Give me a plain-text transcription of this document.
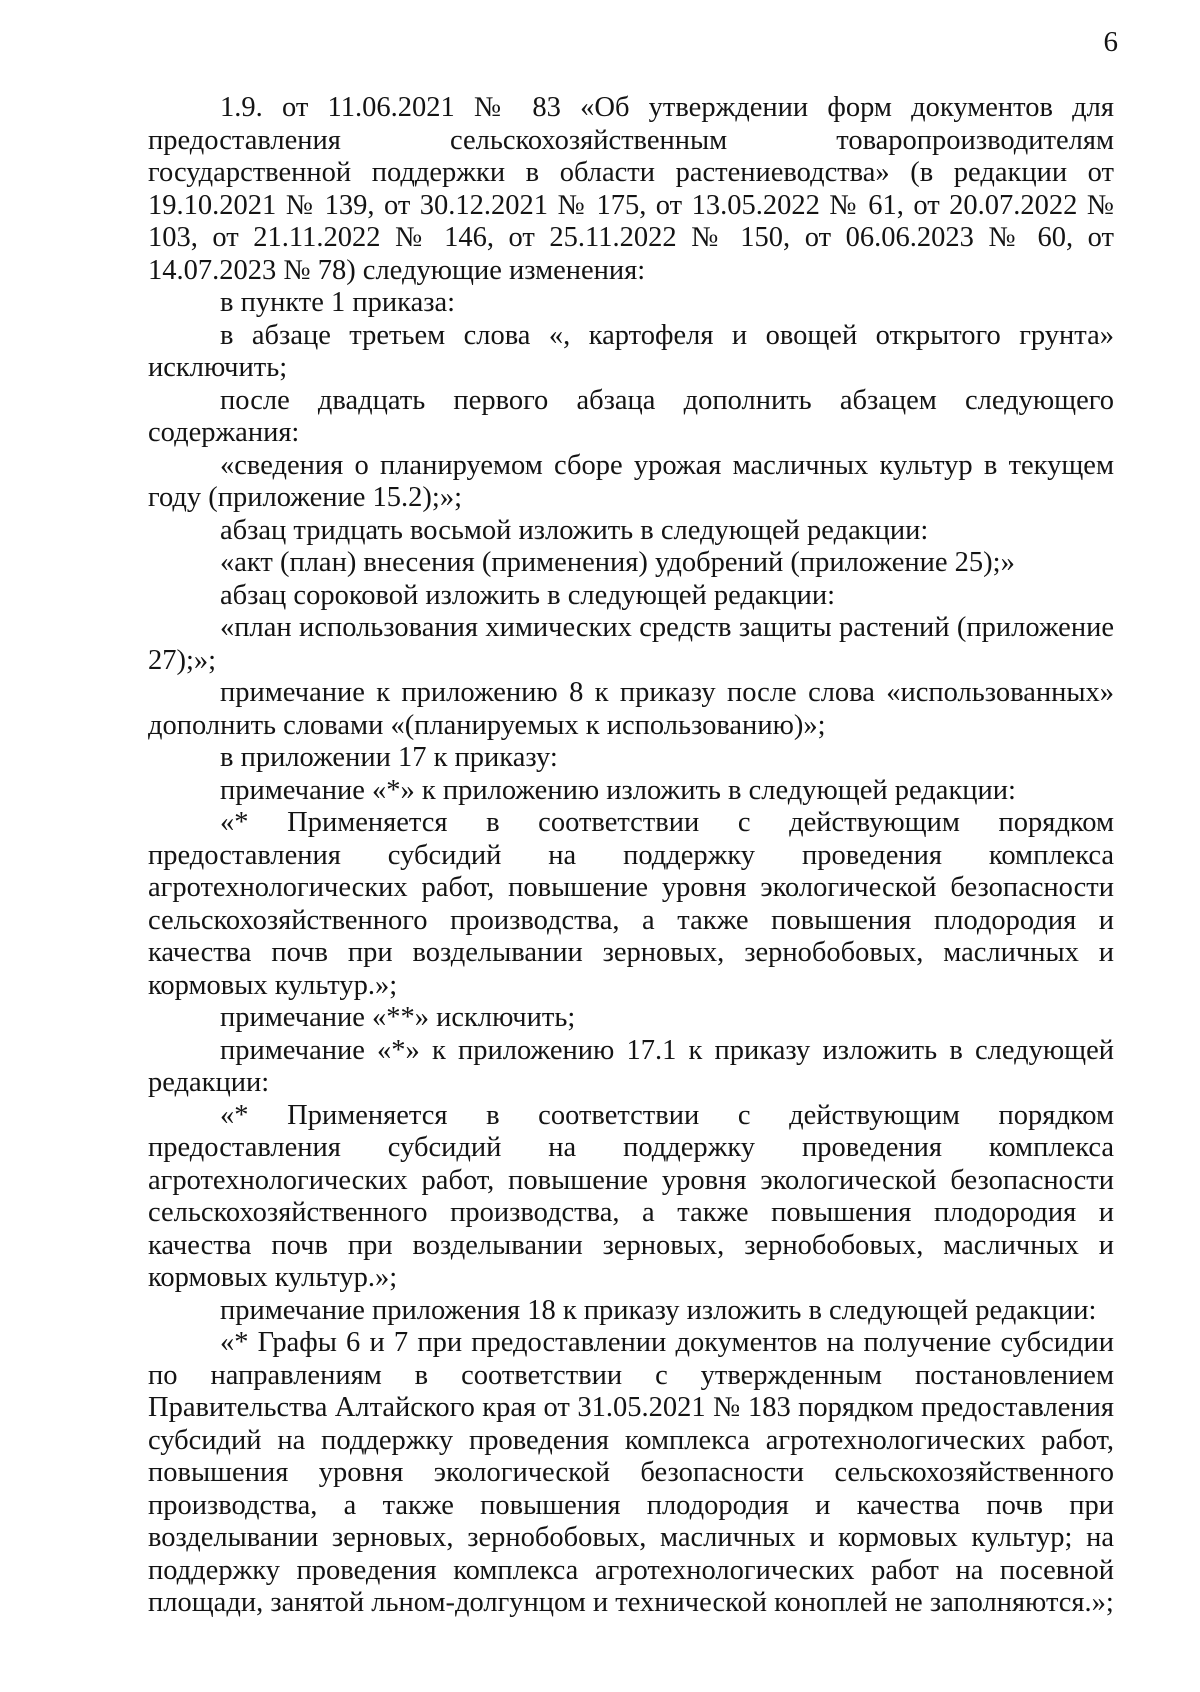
6

1.9. от 11.06.2021 № 83 «Об утверждении форм документов для предоставления сельскохозяйственным товаропроизводителям государственной поддержки в области растениеводства» (в редакции от 19.10.2021 № 139, от 30.12.2021 № 175, от 13.05.2022 № 61, от 20.07.2022 № 103, от 21.11.2022 № 146, от 25.11.2022 № 150, от 06.06.2023 № 60, от 14.07.2023 № 78) следующие изменения:

в пункте 1 приказа:

в абзаце третьем слова «, картофеля и овощей открытого грунта» исключить;

после двадцать первого абзаца дополнить абзацем следующего содержания:

«сведения о планируемом сборе урожая масличных культур в текущем году (приложение 15.2);»;

абзац тридцать восьмой изложить в следующей редакции:

«акт (план) внесения (применения) удобрений (приложение 25);»

абзац сороковой изложить в следующей редакции:

«план использования химических средств защиты растений (приложение 27);»;

примечание к приложению 8 к приказу после слова «использованных» дополнить словами «(планируемых к использованию)»;

в приложении 17 к приказу:

примечание «*» к приложению изложить в следующей редакции:

«* Применяется в соответствии с действующим порядком предоставления субсидий на поддержку проведения комплекса агротехнологических работ, повышение уровня экологической безопасности сельскохозяйственного производства, а также повышения плодородия и качества почв при возделывании зерновых, зернобобовых, масличных и кормовых культур.»;

примечание «**» исключить;

примечание «*» к приложению 17.1 к приказу изложить в следующей редакции:

«* Применяется в соответствии с действующим порядком предоставления субсидий на поддержку проведения комплекса агротехнологических работ, повышение уровня экологической безопасности сельскохозяйственного производства, а также повышения плодородия и качества почв при возделывании зерновых, зернобобовых, масличных и кормовых культур.»;

примечание приложения 18 к приказу изложить в следующей редакции:

«* Графы 6 и 7 при предоставлении документов на получение субсидии по направлениям в соответствии с утвержденным постановлением Правительства Алтайского края от 31.05.2021 № 183 порядком предоставления субсидий на поддержку проведения комплекса агротехнологических работ, повышения уровня экологической безопасности сельскохозяйственного производства, а также повышения плодородия и качества почв при возделывании зерновых, зернобобовых, масличных и кормовых культур; на поддержку проведения комплекса агротехнологических работ на посевной площади, занятой льном-долгунцом и технической коноплей не заполняются.»;
